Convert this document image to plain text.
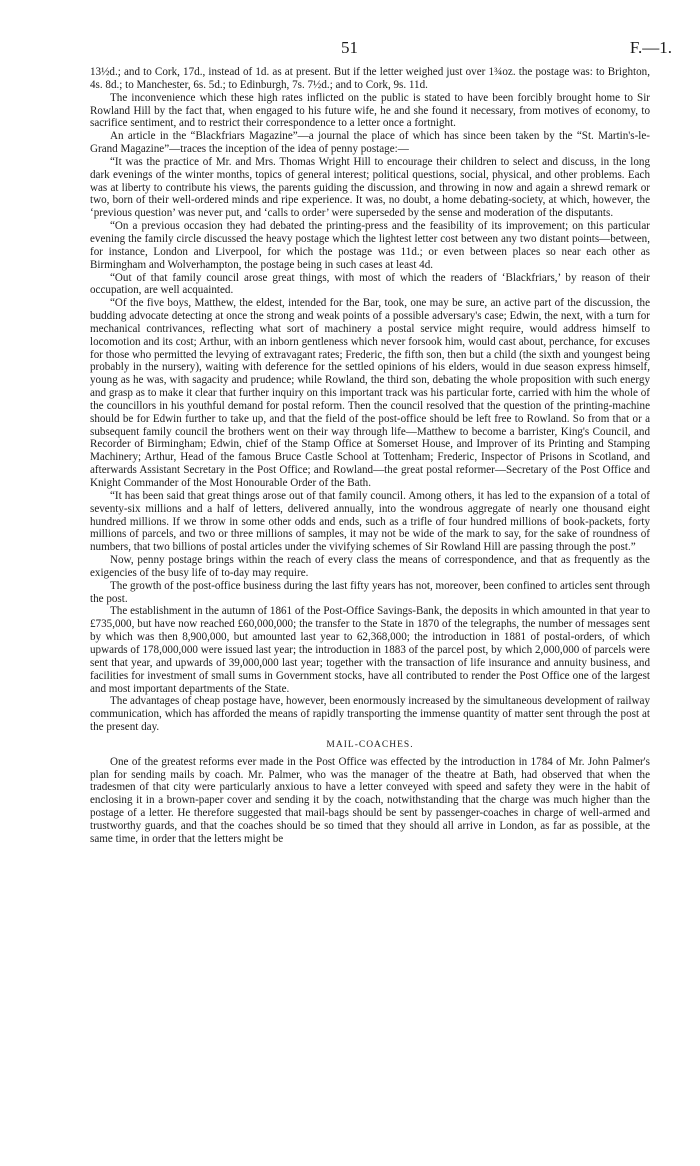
51	F.—1.

13½d.; and to Cork, 17d., instead of 1d. as at present. But if the letter weighed just over 1¾oz. the postage was: to Brighton, 4s. 8d.; to Manchester, 6s. 5d.; to Edinburgh, 7s. 7½d.; and to Cork, 9s. 11d.

The inconvenience which these high rates inflicted on the public is stated to have been forcibly brought home to Sir Rowland Hill by the fact that, when engaged to his future wife, he and she found it necessary, from motives of economy, to sacrifice sentiment, and to restrict their correspondence to a letter once a fortnight.

An article in the “Blackfriars Magazine”—a journal the place of which has since been taken by the “St. Martin's-le-Grand Magazine”—traces the inception of the idea of penny postage:—

“It was the practice of Mr. and Mrs. Thomas Wright Hill to encourage their children to select and discuss, in the long dark evenings of the winter months, topics of general interest; political questions, social, physical, and other problems. Each was at liberty to contribute his views, the parents guiding the discussion, and throwing in now and again a shrewd remark or two, born of their well-ordered minds and ripe experience. It was, no doubt, a home debating-society, at which, however, the ‘previous question’ was never put, and ‘calls to order’ were superseded by the sense and moderation of the disputants.

“On a previous occasion they had debated the printing-press and the feasibility of its improvement; on this particular evening the family circle discussed the heavy postage which the lightest letter cost between any two distant points—between, for instance, London and Liverpool, for which the postage was 11d.; or even between places so near each other as Birmingham and Wolverhampton, the postage being in such cases at least 4d.

“Out of that family council arose great things, with most of which the readers of ‘Blackfriars,’ by reason of their occupation, are well acquainted.

“Of the five boys, Matthew, the eldest, intended for the Bar, took, one may be sure, an active part of the discussion, the budding advocate detecting at once the strong and weak points of a possible adversary's case; Edwin, the next, with a turn for mechanical contrivances, reflecting what sort of machinery a postal service might require, would address himself to locomotion and its cost; Arthur, with an inborn gentleness which never forsook him, would cast about, perchance, for excuses for those who permitted the levying of extravagant rates; Frederic, the fifth son, then but a child (the sixth and youngest being probably in the nursery), waiting with deference for the settled opinions of his elders, would in due season express himself, young as he was, with sagacity and prudence; while Rowland, the third son, debating the whole proposition with such energy and grasp as to make it clear that further inquiry on this important track was his particular forte, carried with him the whole of the councillors in his youthful demand for postal reform. Then the council resolved that the question of the printing-machine should be for Edwin further to take up, and that the field of the post-office should be left free to Rowland. So from that or a subsequent family council the brothers went on their way through life—Matthew to become a barrister, King's Council, and Recorder of Birmingham; Edwin, chief of the Stamp Office at Somerset House, and Improver of its Printing and Stamping Machinery; Arthur, Head of the famous Bruce Castle School at Tottenham; Frederic, Inspector of Prisons in Scotland, and afterwards Assistant Secretary in the Post Office; and Rowland—the great postal reformer—Secretary of the Post Office and Knight Commander of the Most Honourable Order of the Bath.

“It has been said that great things arose out of that family council. Among others, it has led to the expansion of a total of seventy-six millions and a half of letters, delivered annually, into the wondrous aggregate of nearly one thousand eight hundred millions. If we throw in some other odds and ends, such as a trifle of four hundred millions of book-packets, forty millions of parcels, and two or three millions of samples, it may not be wide of the mark to say, for the sake of roundness of numbers, that two billions of postal articles under the vivifying schemes of Sir Rowland Hill are passing through the post.”

Now, penny postage brings within the reach of every class the means of correspondence, and that as frequently as the exigencies of the busy life of to-day may require.

The growth of the post-office business during the last fifty years has not, moreover, been confined to articles sent through the post.

The establishment in the autumn of 1861 of the Post-Office Savings-Bank, the deposits in which amounted in that year to £735,000, but have now reached £60,000,000; the transfer to the State in 1870 of the telegraphs, the number of messages sent by which was then 8,900,000, but amounted last year to 62,368,000; the introduction in 1881 of postal-orders, of which upwards of 178,000,000 were issued last year; the introduction in 1883 of the parcel post, by which 2,000,000 of parcels were sent that year, and upwards of 39,000,000 last year; together with the transaction of life insurance and annuity business, and facilities for investment of small sums in Government stocks, have all contributed to render the Post Office one of the largest and most important departments of the State.

The advantages of cheap postage have, however, been enormously increased by the simultaneous development of railway communication, which has afforded the means of rapidly transporting the immense quantity of matter sent through the post at the present day.

MAIL-COACHES.

One of the greatest reforms ever made in the Post Office was effected by the introduction in 1784 of Mr. John Palmer's plan for sending mails by coach. Mr. Palmer, who was the manager of the theatre at Bath, had observed that when the tradesmen of that city were particularly anxious to have a letter conveyed with speed and safety they were in the habit of enclosing it in a brown-paper cover and sending it by the coach, notwithstanding that the charge was much higher than the postage of a letter. He therefore suggested that mail-bags should be sent by passenger-coaches in charge of well-armed and trustworthy guards, and that the coaches should be so timed that they should all arrive in London, as far as possible, at the same time, in order that the letters might be
